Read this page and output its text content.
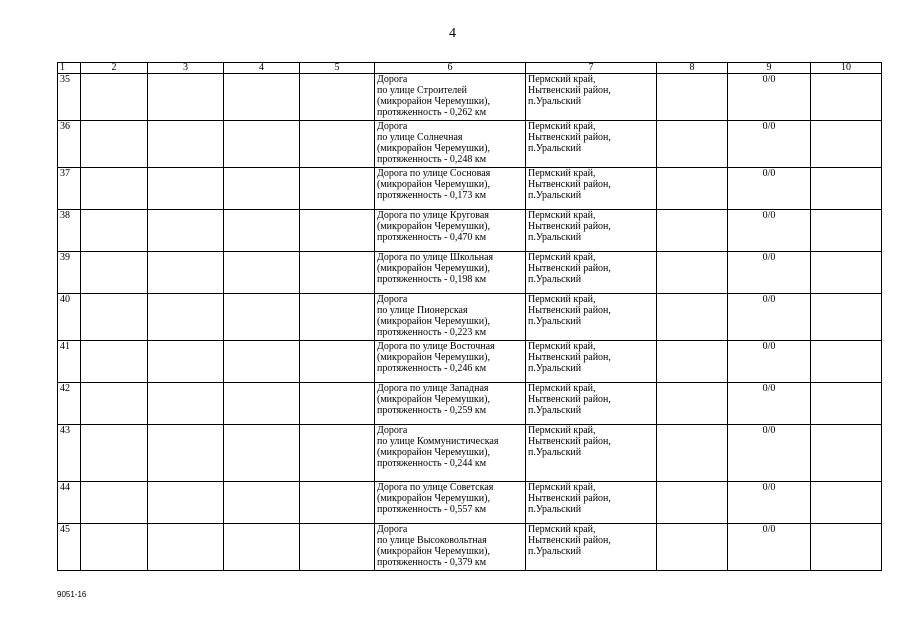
4
1	2	3	4	5	6	7	8	9	10
35					Дорога
по улице Строителей
(микрорайон Черемушки),
протяженность - 0,262 км	Пермский край,
Нытвенский район,
п.Уральский		0/0	
36					Дорога
по улице Солнечная
(микрорайон Черемушки),
протяженность - 0,248 км	Пермский край,
Нытвенский район,
п.Уральский		0/0	
37					Дорога по улице Сосновая
(микрорайон Черемушки),
протяженность - 0,173 км	Пермский край,
Нытвенский район,
п.Уральский		0/0	
38					Дорога по улице Круговая
(микрорайон Черемушки),
протяженность - 0,470 км	Пермский край,
Нытвенский район,
п.Уральский		0/0	
39					Дорога по улице Школьная
(микрорайон Черемушки),
протяженность - 0,198 км	Пермский край,
Нытвенский район,
п.Уральский		0/0	
40					Дорога
по улице Пионерская
(микрорайон Черемушки),
протяженность - 0,223 км	Пермский край,
Нытвенский район,
п.Уральский		0/0	
41					Дорога по улице Восточная
(микрорайон Черемушки),
протяженность - 0,246 км	Пермский край,
Нытвенский район,
п.Уральский		0/0	
42					Дорога по улице Западная
(микрорайон Черемушки),
протяженность - 0,259 км	Пермский край,
Нытвенский район,
п.Уральский		0/0	
43					Дорога
по улице Коммунистическая
(микрорайон Черемушки),
протяженность - 0,244 км	Пермский край,
Нытвенский район,
п.Уральский		0/0	
44					Дорога по улице Советская
(микрорайон Черемушки),
протяженность - 0,557 км	Пермский край,
Нытвенский район,
п.Уральский		0/0	
45					Дорога
по улице Высоковольтная
(микрорайон Черемушки),
протяженность - 0,379 км	Пермский край,
Нытвенский район,
п.Уральский		0/0	
9051-16
